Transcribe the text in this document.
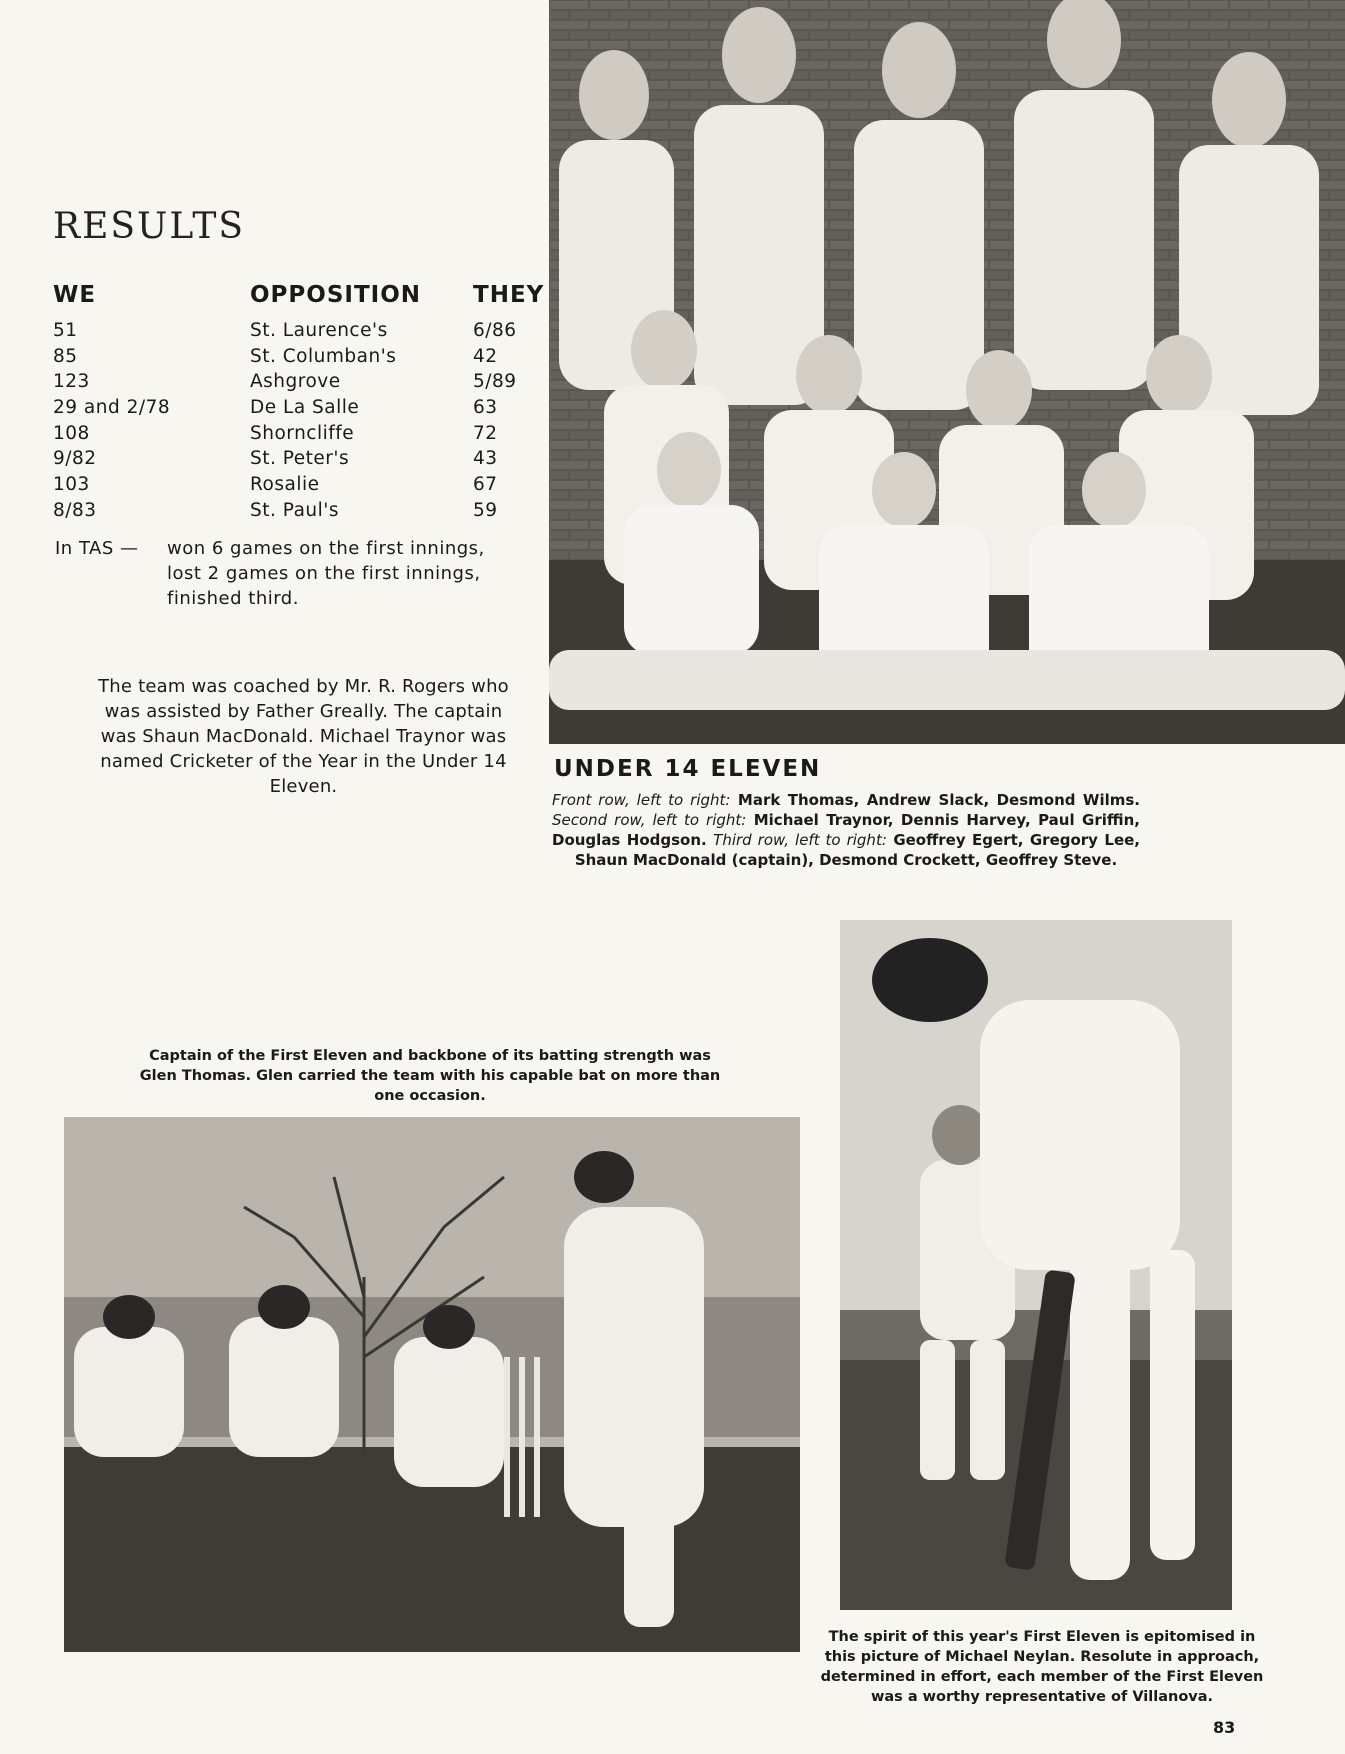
RESULTS
WE	OPPOSITION THEY
51	St. Laurence's	6/86
85	St. Columban's	42
123	Ashgrove	5/89
29 and 2/78	De La Salle	63
108	Shorncliffe	72
9/82	St. Peter's	43
103	Rosalie	67
8/83	St. Paul's	59
In TAS — won 6 games on the first innings,
lost 2 games on the first innings,
finished third.
The team was coached by Mr. R. Rogers who was assisted by Father Greally. The captain was Shaun MacDonald. Michael Traynor was named Cricketer of the Year in the Under 14 Eleven.
UNDER 14 ELEVEN
Front row, left to right: Mark Thomas, Andrew Slack, Desmond Wilms. Second row, left to right: Michael Traynor, Dennis Harvey, Paul Griffin, Douglas Hodgson. Third row, left to right: Geoffrey Egert, Gregory Lee, Shaun MacDonald (captain), Desmond Crockett, Geoffrey Steve.
Captain of the First Eleven and backbone of its batting strength was Glen Thomas. Glen carried the team with his capable bat on more than one occasion.
The spirit of this year's First Eleven is epitomised in this picture of Michael Neylan. Resolute in approach, determined in effort, each member of the First Eleven was a worthy representative of Villanova.
83
